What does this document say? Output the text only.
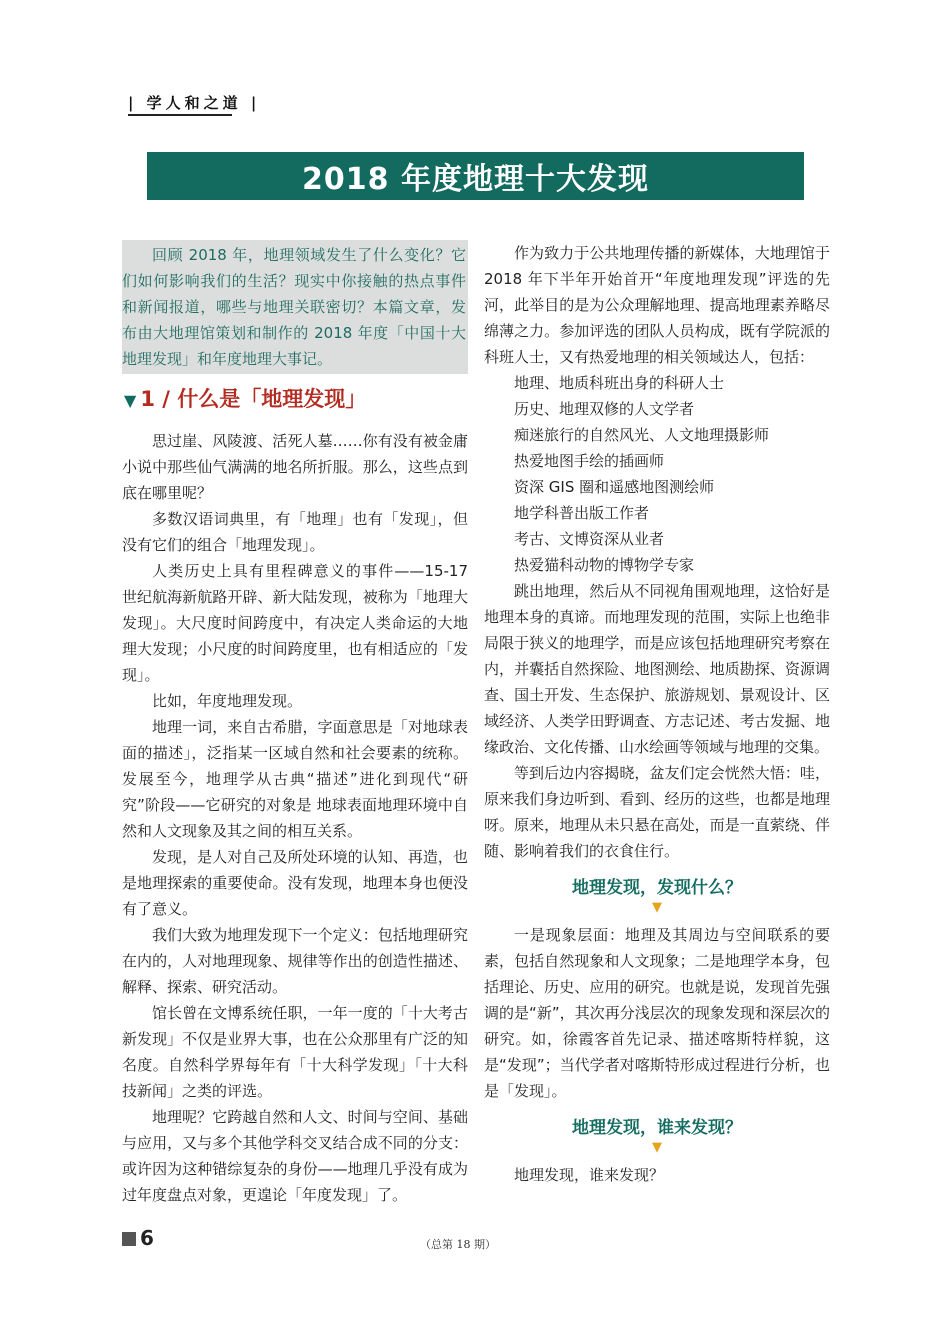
| 学人和之道 |
2018 年度地理十大发现

回顾 2018 年，地理领域发生了什么变化？它们如何影响我们的生活？现实中你接触的热点事件和新闻报道，哪些与地理关联密切？本篇文章，发布由大地理馆策划和制作的 2018 年度「中国十大地理发现」和年度地理大事记。

▼ 1 / 什么是「地理发现」

思过崖、风陵渡、活死人墓……你有没有被金庸小说中那些仙气满满的地名所折服。那么，这些点到底在哪里呢？

多数汉语词典里，有「地理」也有「发现」，但没有它们的组合「地理发现」。

人类历史上具有里程碑意义的事件——15-17 世纪航海新航路开辟、新大陆发现，被称为「地理大发现」。大尺度时间跨度中，有决定人类命运的大地理大发现；小尺度的时间跨度里，也有相适应的「发现」。

比如，年度地理发现。

地理一词，来自古希腊，字面意思是「对地球表面的描述」，泛指某一区域自然和社会要素的统称。发展至今，地理学从古典“描述”进化到现代“研究”阶段——它研究的对象是 地球表面地理环境中自然和人文现象及其之间的相互关系。

发现，是人对自己及所处环境的认知、再造，也是地理探索的重要使命。没有发现，地理本身也便没有了意义。

我们大致为地理发现下一个定义：包括地理研究在内的，人对地理现象、规律等作出的创造性描述、解释、探索、研究活动。

馆长曾在文博系统任职，一年一度的「十大考古新发现」不仅是业界大事，也在公众那里有广泛的知名度。自然科学界每年有「十大科学发现」「十大科技新闻」之类的评选。

地理呢？它跨越自然和人文、时间与空间、基础与应用，又与多个其他学科交叉结合成不同的分支：或许因为这种错综复杂的身份——地理几乎没有成为过年度盘点对象，更遑论「年度发现」了。

作为致力于公共地理传播的新媒体，大地理馆于 2018 年下半年开始首开“年度地理发现”评选的先河，此举目的是为公众理解地理、提高地理素养略尽绵薄之力。参加评选的团队人员构成，既有学院派的科班人士，又有热爱地理的相关领域达人，包括：

地理、地质科班出身的科研人士
历史、地理双修的人文学者
痴迷旅行的自然风光、人文地理摄影师
热爱地图手绘的插画师
资深 GIS 圈和遥感地图测绘师
地学科普出版工作者
考古、文博资深从业者
热爱猫科动物的博物学专家

跳出地理，然后从不同视角围观地理，这恰好是地理本身的真谛。而地理发现的范围，实际上也绝非局限于狭义的地理学，而是应该包括地理研究考察在内，并囊括自然探险、地图测绘、地质勘探、资源调查、国土开发、生态保护、旅游规划、景观设计、区域经济、人类学田野调查、方志记述、考古发掘、地缘政治、文化传播、山水绘画等领域与地理的交集。

等到后边内容揭晓，盆友们定会恍然大悟：哇，原来我们身边听到、看到、经历的这些，也都是地理呀。原来，地理从未只悬在高处，而是一直萦绕、伴随、影响着我们的衣食住行。

地理发现，发现什么？
▼

一是现象层面：地理及其周边与空间联系的要素，包括自然现象和人文现象；二是地理学本身，包括理论、历史、应用的研究。也就是说，发现首先强调的是“新”，其次再分浅层次的现象发现和深层次的研究。如，徐霞客首先记录、描述喀斯特样貌，这是“发现”；当代学者对喀斯特形成过程进行分析，也是「发现」。

地理发现，谁来发现？
▼

地理发现，谁来发现？

6	（总第 18 期）
